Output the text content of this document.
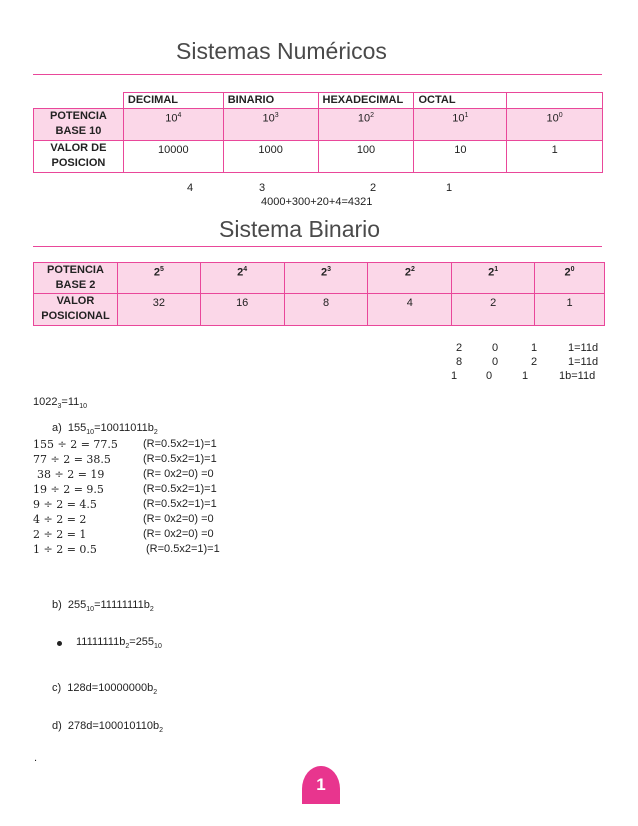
Sistemas Numéricos
	DECIMAL	BINARIO	HEXADECIMAL	OCTAL	
POTENCIA BASE 10	$10^4$	$10^3$	$10^2$	$10^1$	$10^0$
VALOR DE POSICION	10000	1000	100	10	1
4	3	2	1
4000+300+20+4=4321
Sistema Binario
POTENCIA BASE 2	$2^5$	$2^4$	$2^3$	$2^2$	$2^1$	$2^0$
VALOR POSICIONAL	32	16	8	4	2	1
2	0	1	1=11d
8	0	2	1=11d
1	0	1	1b=11d
$1022_3=11_{10}$
a) $155_{10}=10011011b_2$
155 ÷ 2 = 77.5 (R=0.5x2=1)=1
77 ÷ 2 = 38.5	(R=0.5x2=1)=1
38 ÷ 2 = 19	(R= 0x2=0) =0
19 ÷ 2 = 9.5	(R=0.5x2=1)=1
9 ÷ 2 = 4.5	(R=0.5x2=1)=1
4 ÷ 2 = 2	(R= 0x2=0) =0
2 ÷ 2 = 1	(R= 0x2=0) =0
1 ÷ 2 = 0.5	(R=0.5x2=1)=1
b) $255_{10}=11111111b_2$
$11111111b_2=255_{10}$
c) $128d=10000000b_2$
d) $278d=100010110b_2$
.
1
